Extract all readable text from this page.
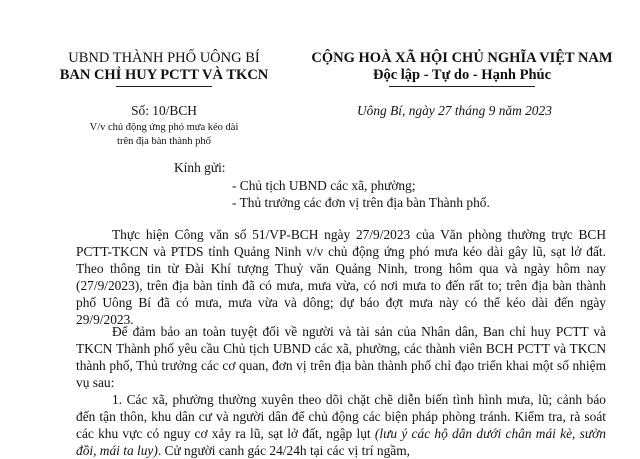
UBND THÀNH PHỐ UÔNG BÍ
BAN CHỈ HUY PCTT VÀ TKCN
CỘNG HOÀ XÃ HỘI CHỦ NGHĨA VIỆT NAM
Độc lập - Tự do - Hạnh Phúc
Số: 10/BCH
V/v chủ động ứng phó mưa kéo dài
trên địa bàn thành phố
Uông Bí, ngày 27 tháng 9 năm 2023
Kính gửi:
- Chủ tịch UBND các xã, phường;
- Thủ trưởng các đơn vị trên địa bàn Thành phố.

Thực hiện Công văn số 51/VP-BCH ngày 27/9/2023 của Văn phòng thường trực BCH PCTT-TKCN và PTDS tỉnh Quảng Ninh v/v chủ động ứng phó mưa kéo dài gây lũ, sạt lở đất. Theo thông tin từ Đài Khí tượng Thuỷ văn Quảng Ninh, trong hôm qua và ngày hôm nay (27/9/2023), trên địa bàn tỉnh đã có mưa, mưa vừa, có nơi mưa to đến rất to; trên địa bàn thành phố Uông Bí đã có mưa, mưa vừa và dông; dự báo đợt mưa này có thể kéo dài đến ngày 29/9/2023.

Để đảm bảo an toàn tuyệt đối về người và tài sản của Nhân dân, Ban chỉ huy PCTT và TKCN Thành phố yêu cầu Chủ tịch UBND các xã, phường, các thành viên BCH PCTT và TKCN thành phố, Thủ trưởng các cơ quan, đơn vị trên địa bàn thành phố chỉ đạo triển khai một số nhiệm vụ sau:

1. Các xã, phường thường xuyên theo dõi chặt chẽ diễn biến tình hình mưa, lũ; cảnh báo đến tận thôn, khu dân cư và người dân để chủ động các biện pháp phòng tránh. Kiểm tra, rà soát các khu vực có nguy cơ xảy ra lũ, sạt lở đất, ngập lụt (lưu ý các hộ dân dưới chân mái kè, sườn đồi, mái ta luy). Cử người canh gác 24/24h tại các vị trí ngầm,
